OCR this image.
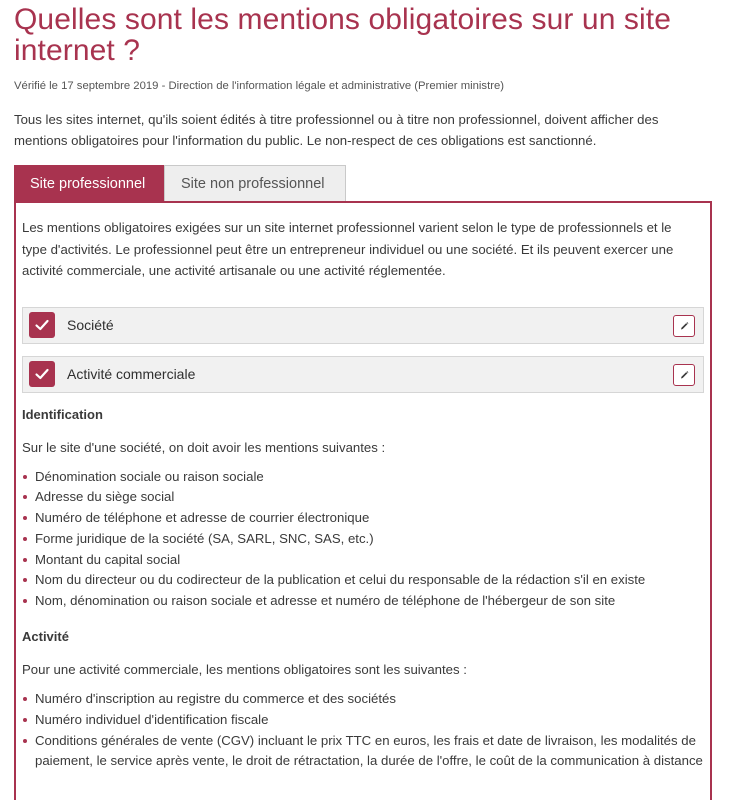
Quelles sont les mentions obligatoires sur un site internet ?

Vérifié le 17 septembre 2019 - Direction de l'information légale et administrative (Premier ministre)

Tous les sites internet, qu'ils soient édités à titre professionnel ou à titre non professionnel, doivent afficher des mentions obligatoires pour l'information du public. Le non-respect de ces obligations est sanctionné.

Site professionnel	Site non professionnel

Les mentions obligatoires exigées sur un site internet professionnel varient selon le type de professionnels et le type d'activités. Le professionnel peut être un entrepreneur individuel ou une société. Et ils peuvent exercer une activité commerciale, une activité artisanale ou une activité réglementée.

Société
Activité commerciale
Identification

Sur le site d'une société, on doit avoir les mentions suivantes :

Dénomination sociale ou raison sociale
Adresse du siège social
Numéro de téléphone et adresse de courrier électronique
Forme juridique de la société (SA, SARL, SNC, SAS, etc.)
Montant du capital social
Nom du directeur ou du codirecteur de la publication et celui du responsable de la rédaction s'il en existe
Nom, dénomination ou raison sociale et adresse et numéro de téléphone de l'hébergeur de son site
Activité

Pour une activité commerciale, les mentions obligatoires sont les suivantes :

Numéro d'inscription au registre du commerce et des sociétés
Numéro individuel d'identification fiscale
Conditions générales de vente (CGV) incluant le prix TTC en euros, les frais et date de livraison, les modalités de paiement, le service après vente, le droit de rétractation, la durée de l'offre, le coût de la communication à distance
